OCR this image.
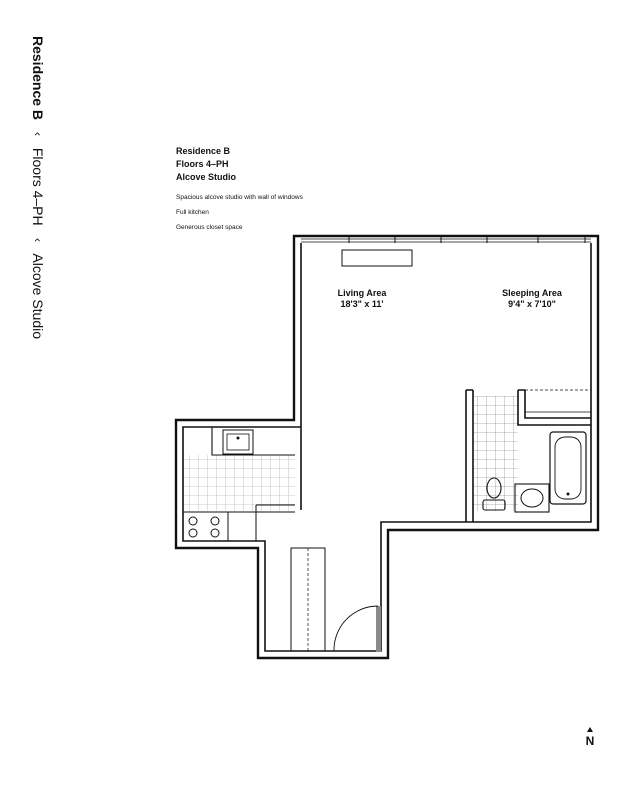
Residence B ‹ Floors 4–PH ‹ Alcove Studio
Residence B
Floors 4–PH
Alcove Studio
Spacious alcove studio with wall of windows
Full kitchen
Generous closet space
Living Area
18'3" x 11'
Sleeping Area
9'4" x 7'10"
N
